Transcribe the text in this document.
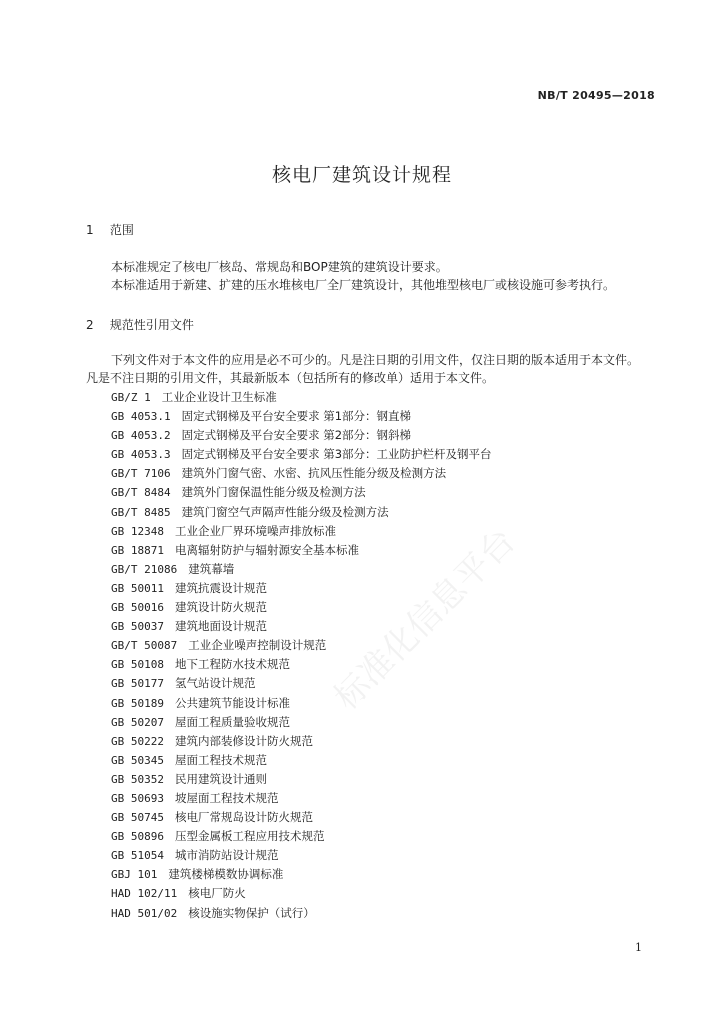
NB/T 20495—2018
核电厂建筑设计规程
1 范围
本标准规定了核电厂核岛、常规岛和BOP建筑的建筑设计要求。
本标准适用于新建、扩建的压水堆核电厂全厂建筑设计，其他堆型核电厂或核设施可参考执行。
2 规范性引用文件
下列文件对于本文件的应用是必不可少的。凡是注日期的引用文件，仅注日期的版本适用于本文件。
凡是不注日期的引用文件，其最新版本（包括所有的修改单）适用于本文件。
GB/Z 1 工业企业设计卫生标准
GB 4053.1 固定式钢梯及平台安全要求 第1部分：钢直梯
GB 4053.2 固定式钢梯及平台安全要求 第2部分：钢斜梯
GB 4053.3 固定式钢梯及平台安全要求 第3部分：工业防护栏杆及钢平台
GB/T 7106 建筑外门窗气密、水密、抗风压性能分级及检测方法
GB/T 8484 建筑外门窗保温性能分级及检测方法
GB/T 8485 建筑门窗空气声隔声性能分级及检测方法
GB 12348 工业企业厂界环境噪声排放标准
GB 18871 电离辐射防护与辐射源安全基本标准
GB/T 21086 建筑幕墙
GB 50011 建筑抗震设计规范
GB 50016 建筑设计防火规范
GB 50037 建筑地面设计规范
GB/T 50087 工业企业噪声控制设计规范
GB 50108 地下工程防水技术规范
GB 50177 氢气站设计规范
GB 50189 公共建筑节能设计标准
GB 50207 屋面工程质量验收规范
GB 50222 建筑内部装修设计防火规范
GB 50345 屋面工程技术规范
GB 50352 民用建筑设计通则
GB 50693 坡屋面工程技术规范
GB 50745 核电厂常规岛设计防火规范
GB 50896 压型金属板工程应用技术规范
GB 51054 城市消防站设计规范
GBJ 101 建筑楼梯模数协调标准
HAD 102/11 核电厂防火
HAD 501/02 核设施实物保护（试行）
1
标准化信息平台
